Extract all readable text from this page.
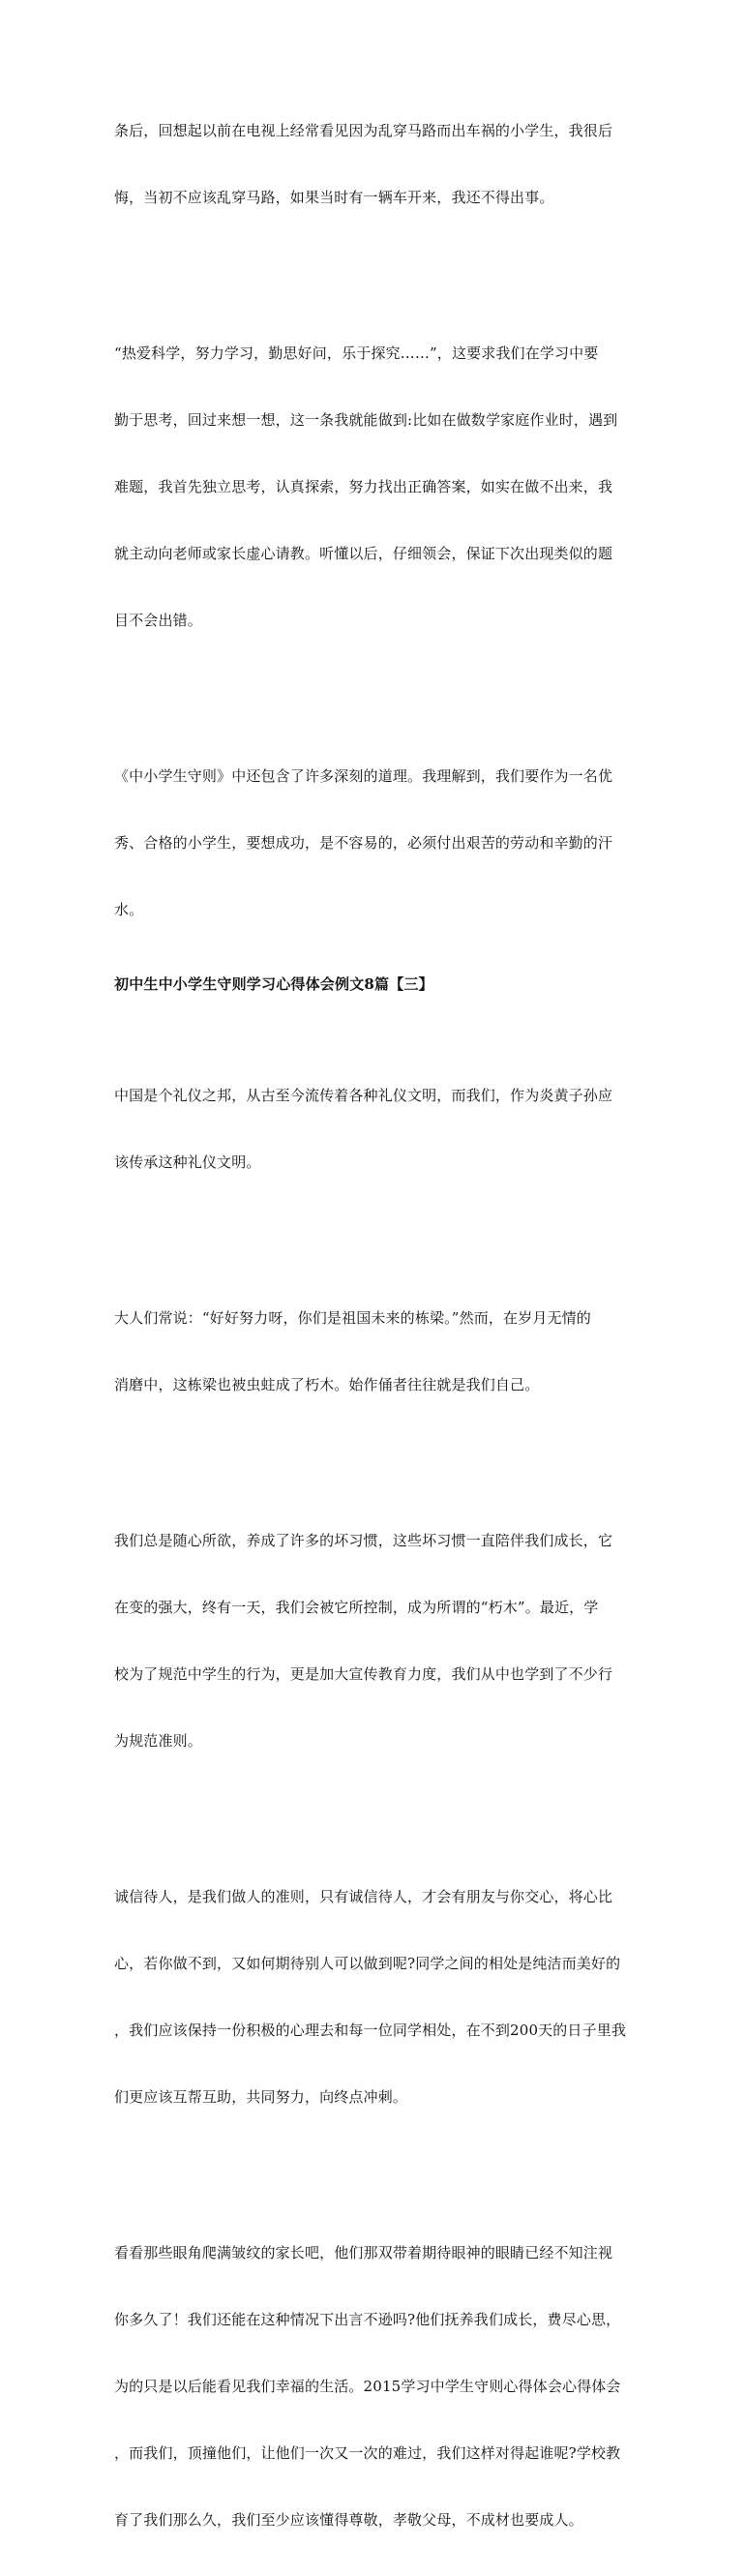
条后，回想起以前在电视上经常看见因为乱穿马路而出车祸的小学生，我很后

悔，当初不应该乱穿马路，如果当时有一辆车开来，我还不得出事。

“热爱科学，努力学习，勤思好问，乐于探究……”，这要求我们在学习中要

勤于思考，回过来想一想，这一条我就能做到:比如在做数学家庭作业时，遇到

难题，我首先独立思考，认真探索，努力找出正确答案，如实在做不出来，我

就主动向老师或家长虚心请教。听懂以后，仔细领会，保证下次出现类似的题

目不会出错。

《中小学生守则》中还包含了许多深刻的道理。我理解到，我们要作为一名优

秀、合格的小学生，要想成功，是不容易的，必须付出艰苦的劳动和辛勤的汗

水。

初中生中小学生守则学习心得体会例文8篇【三】

中国是个礼仪之邦，从古至今流传着各种礼仪文明，而我们，作为炎黄子孙应

该传承这种礼仪文明。

大人们常说：“好好努力呀，你们是祖国未来的栋梁。”然而，在岁月无情的

消磨中，这栋梁也被虫蛀成了朽木。始作俑者往往就是我们自己。

我们总是随心所欲，养成了许多的坏习惯，这些坏习惯一直陪伴我们成长，它

在变的强大，终有一天，我们会被它所控制，成为所谓的“朽木”。最近，学

校为了规范中学生的行为，更是加大宣传教育力度，我们从中也学到了不少行

为规范准则。

诚信待人，是我们做人的准则，只有诚信待人，才会有朋友与你交心，将心比

心，若你做不到，又如何期待别人可以做到呢?同学之间的相处是纯洁而美好的

，我们应该保持一份积极的心理去和每一位同学相处，在不到200天的日子里我

们更应该互帮互助，共同努力，向终点冲刺。

看看那些眼角爬满皱纹的家长吧，他们那双带着期待眼神的眼睛已经不知注视

你多久了！我们还能在这种情况下出言不逊吗?他们抚养我们成长，费尽心思，

为的只是以后能看见我们幸福的生活。2015学习中学生守则心得体会心得体会

，而我们，顶撞他们，让他们一次又一次的难过，我们这样对得起谁呢?学校教

育了我们那么久，我们至少应该懂得尊敬，孝敬父母，不成材也要成人。
